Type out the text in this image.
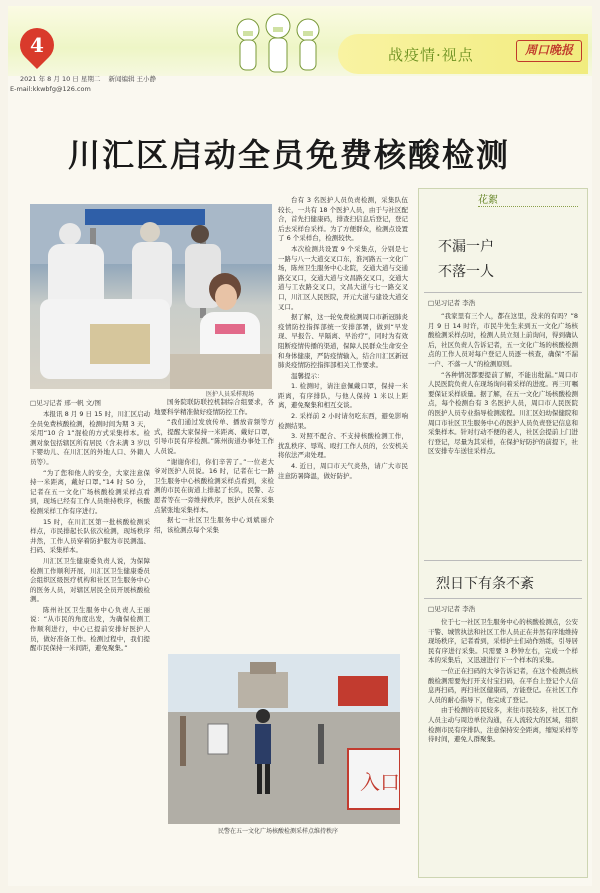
4
2021 年 8 月 10 日 星期二 新闻编辑 王小静
E-mail:kkwbfg@126.com
战疫情·视点	周口晚报
川汇区启动全员免费核酸检测
医护人员采样现场
□见习记者 邢一帆 文/图

本报讯 8 月 9 日 15 时，川汇区启动全员免费核酸检测，检测时间为期 3 天，采用“10 合 1”混检的方式采集样本。检测对象包括辖区所有居民（含未满 3 岁以下婴幼儿、在川汇区的外地人口、外籍人员等）。

“为了您和他人的安全，大家注意保持一米距离，戴好口罩。”14 时 50 分，记者在五一文化广场核酸检测采样点看到，现场已经有工作人员维持秩序，核酸检测采样工作有序进行。

15 时，在川汇区第一批核酸检测采样点，市民排起长队依次检测，现场秩序井然，工作人员穿着防护服为市民测温、扫码、采集样本。

川汇区卫生健康委负责人说，为保障检测工作顺利开展，川汇区卫生健康委员会组织区级医疗机构和社区卫生服务中心的医务人员，对辖区居民全员开展核酸检测。

陈州社区卫生服务中心负责人王丽说：“从市民的角度出发，为确保检测工作顺利进行，中心已提前安排好医护人员，做好准备工作。检测过程中，我们提醒市民保持一米间距，避免聚集。”

国务院联防联控机制综合组要求，各地要科学精准做好疫情防控工作。

“我们通过发放传单、播放音频等方式，提醒大家保持一米距离、戴好口罩，引导市民有序检测。”陈州街道办事处工作人员说。

“谢谢你们，你们辛苦了。”一位老大爷对医护人员说。16 时，记者在七一路卫生服务中心核酸检测采样点看到，来检测的市民在街道上排起了长队，民警、志愿者等在一旁维持秩序，医护人员在采集点紧张地采集样本。

据七一社区卫生服务中心刘斌丽介绍，该检测点每个采集

台有 3 名医护人员负责检测，采集队伍较长，一共有 18 个医护人员，由于与社区配合，首先扫健康码，排查扫信息后登记，登记后去采样台采样。为了方便群众，检测点设置了 6 个采样台，检测较快。

本次检测共设置 9 个采集点，分别是七一路与八一大道交叉口东，淮河路五一文化广场，陈州卫生服务中心北院，交通大道与交通路交叉口，交通大道与文昌路交叉口，交通大道与工农路交叉口，文昌大道与七一路交叉口，川汇区人民医院，开元大道与建设大道交叉口。

据了解，这一轮免费检测周口市新冠肺炎疫情防控指挥部统一安排部署，做到“早发现、早报告、早隔离、早治疗”，同时为有效阻断疫情传播的渠道，保障人民群众生命安全和身体健康，严防疫情输入，结合川汇区新冠肺炎疫情防控指挥部相关工作要求。

温馨提示：

1. 检测时，请注意佩戴口罩，保持一米距离，有序排队，与他人保持 1 米以上距离，避免聚集和相互交谈。

2. 采样前 2 小时请勿吃东西，避免影响检测结果。

3. 对照不配合、不支持核酸检测工作，扰乱秩序、辱骂、殴打工作人员的，公安机关将依法严肃处理。

4. 近日，周口市天气炎热，请广大市民注意防暑降温，做好防护。

入口
民警在五一文化广场核酸检测采样点维持秩序
花絮
不漏一户
不落一人
□见习记者 李浩

“我家里有三个人，都在这里，没来的有吗？”8 月 9 日 14 时许，市民牛先生来到五一文化广场核酸检测采样点时，检测人员立刻上前询问，得到确认后，社区负责人告诉记者，五一文化广场的核酸检测点的工作人员对每户登记人员逐一核查，确保“不漏一户、不落一人”的检测原则。

“各种情况都要提前了解，不能出纰漏。”周口市人民医院负责人在现场询问着采样的进度。再三叮嘱要保证采样质量。据了解，在五一文化广场核酸检测点，每个检测台有 3 名医护人员，周口市人民医院的医护人员专业指导检测流程。川汇区妇幼保健院和周口市社区卫生服务中心的医护人员负责登记信息和采集样本。针对行动不便的老人，社区会提前上门进行登记，尽量为其采样，在保护好防护的前提下，社区安排专车送往采样点。

烈日下有条不紊
□见习记者 李浩

位于七一社区卫生服务中心的核酸检测点，公安干警、城管执法和社区工作人员正在井然有序地维持现场秩序，记者看到，采样护士们动作熟练，引导居民有序进行采集。只需要 3 秒钟左右，完成一个样本的采集后，又迅速进行下一个样本的采集。

一位正在扫码的大爷告诉记者，在这个检测点核酸检测需要先打开支付宝扫码，在平台上登记个人信息再扫码，再扫社区健康码，方能登记。在社区工作人员的耐心指导下，他完成了登记。

由于检测的市民较多，来往市民较多，社区工作人员主动与周边单位沟通，在人流较大的区域，组织检测市民有序排队，注意保持安全距离，缩短采样等待时间，避免人群聚集。
